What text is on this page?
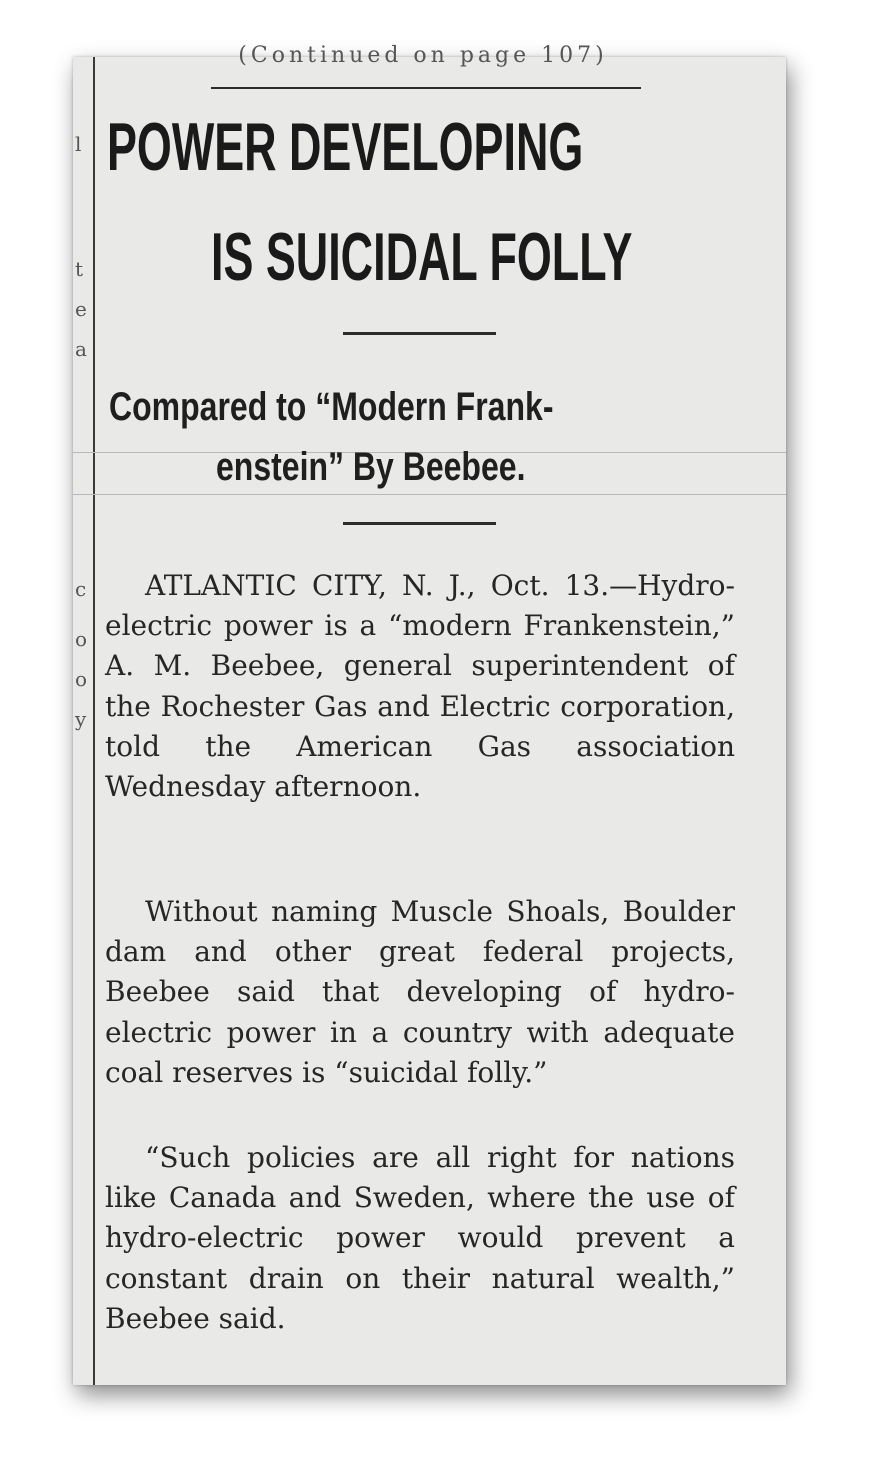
l
t
e
a
c
o
o
y
(Continued on page 107)
POWER DEVELOPING
IS SUICIDAL FOLLY
Compared to “Modern Frank-
enstein” By Beebee.

ATLANTIC CITY, N. J., Oct. 13.—Hydro-electric power is a “modern Frankenstein,” A. M. Beebee, general superintendent of the Rochester Gas and Electric corporation, told the American Gas association Wednesday afternoon.

Without naming Muscle Shoals, Boulder dam and other great federal projects, Beebee said that developing of hydro-electric power in a country with adequate coal reserves is “suicidal folly.”

“Such policies are all right for nations like Canada and Sweden, where the use of hydro-electric power would prevent a constant drain on their natural wealth,” Beebee said.
